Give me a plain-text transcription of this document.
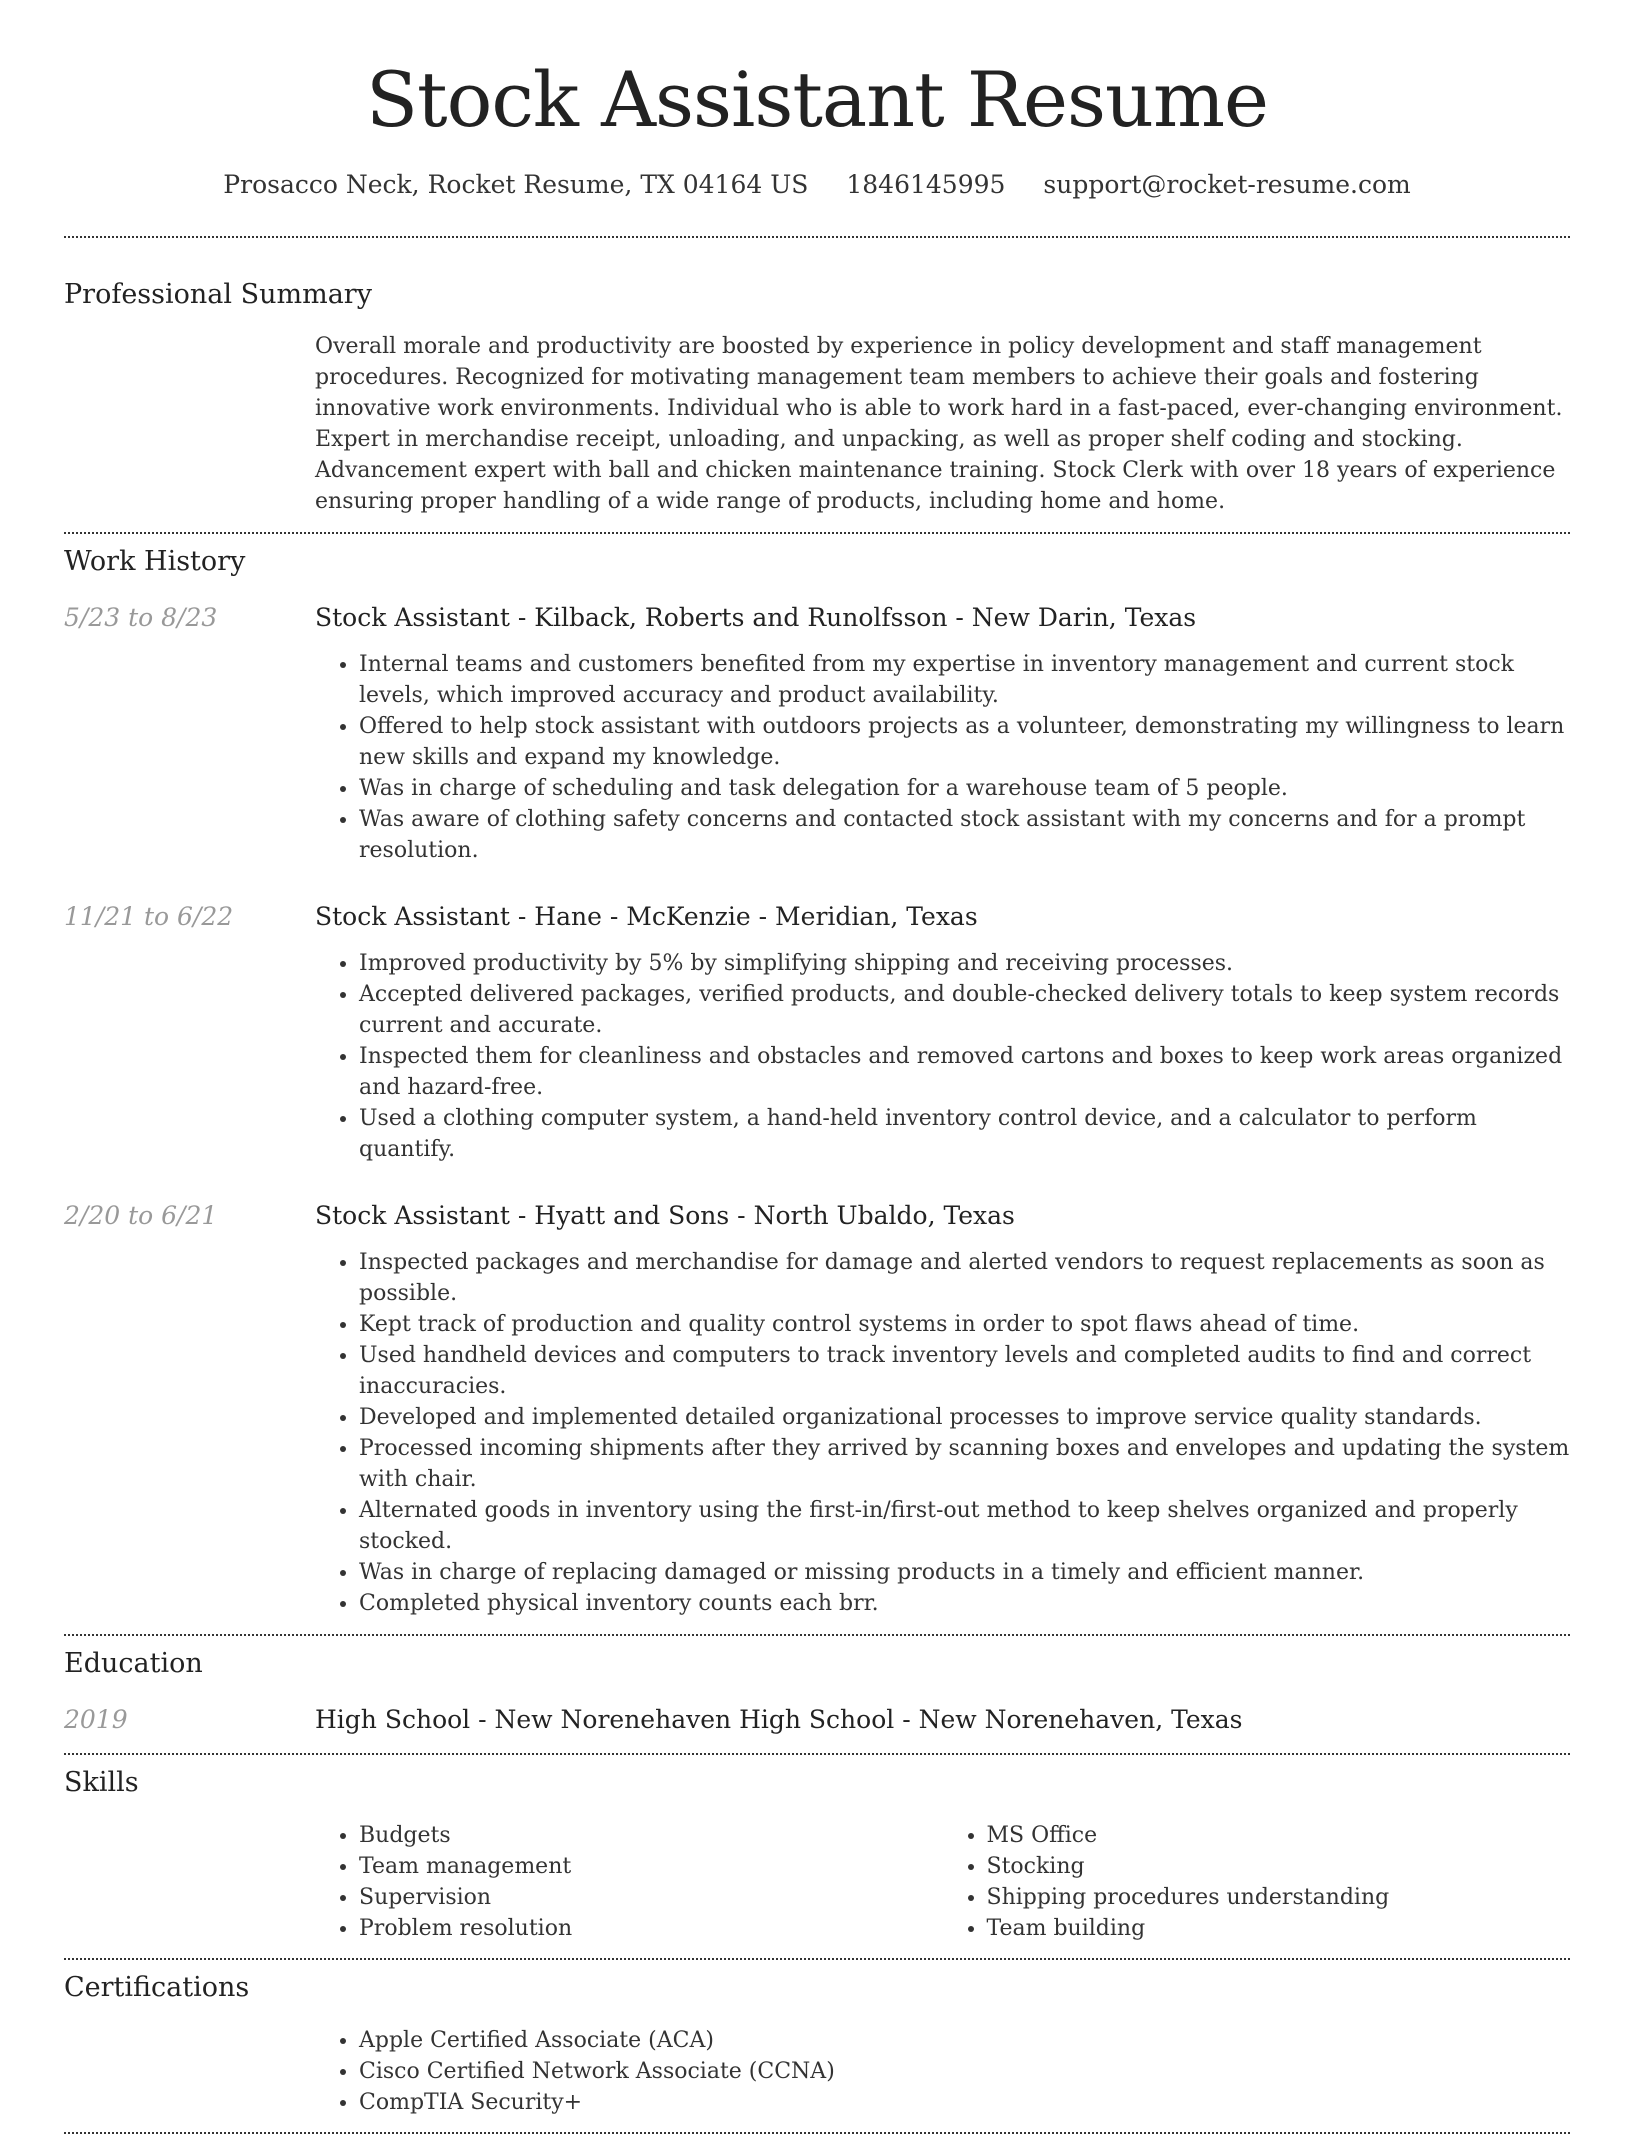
Stock Assistant Resume
Prosacco Neck, Rocket Resume, TX 04164 US 1846145995 support@rocket-resume.com
Professional Summary

Overall morale and productivity are boosted by experience in policy development and staff management procedures. Recognized for motivating management team members to achieve their goals and fostering innovative work environments. Individual who is able to work hard in a fast-paced, ever-changing environment. Expert in merchandise receipt, unloading, and unpacking, as well as proper shelf coding and stocking. Advancement expert with ball and chicken maintenance training. Stock Clerk with over 18 years of experience ensuring proper handling of a wide range of products, including home and home.

Work History
5/23 to 8/23	Stock Assistant - Kilback, Roberts and Runolfsson - New Darin, Texas
• Internal teams and customers benefited from my expertise in inventory management and current stock levels, which improved accuracy and product availability.
• Offered to help stock assistant with outdoors projects as a volunteer, demonstrating my willingness to learn new skills and expand my knowledge.
• Was in charge of scheduling and task delegation for a warehouse team of 5 people.
• Was aware of clothing safety concerns and contacted stock assistant with my concerns and for a prompt resolution.
11/21 to 6/22	Stock Assistant - Hane - McKenzie - Meridian, Texas
• Improved productivity by 5% by simplifying shipping and receiving processes.
• Accepted delivered packages, verified products, and double-checked delivery totals to keep system records current and accurate.
• Inspected them for cleanliness and obstacles and removed cartons and boxes to keep work areas organized and hazard-free.
• Used a clothing computer system, a hand-held inventory control device, and a calculator to perform quantify.
2/20 to 6/21	Stock Assistant - Hyatt and Sons - North Ubaldo, Texas
• Inspected packages and merchandise for damage and alerted vendors to request replacements as soon as possible.
• Kept track of production and quality control systems in order to spot flaws ahead of time.
• Used handheld devices and computers to track inventory levels and completed audits to find and correct inaccuracies.
• Developed and implemented detailed organizational processes to improve service quality standards.
• Processed incoming shipments after they arrived by scanning boxes and envelopes and updating the system with chair.
• Alternated goods in inventory using the first-in/first-out method to keep shelves organized and properly stocked.
• Was in charge of replacing damaged or missing products in a timely and efficient manner.
• Completed physical inventory counts each brr.
Education
2019	High School - New Norenehaven High School - New Norenehaven, Texas
Skills
• Budgets
• Team management
• Supervision
• Problem resolution
• MS Office
• Stocking
• Shipping procedures understanding
• Team building
Certifications
• Apple Certified Associate (ACA)
• Cisco Certified Network Associate (CCNA)
• CompTIA Security+
